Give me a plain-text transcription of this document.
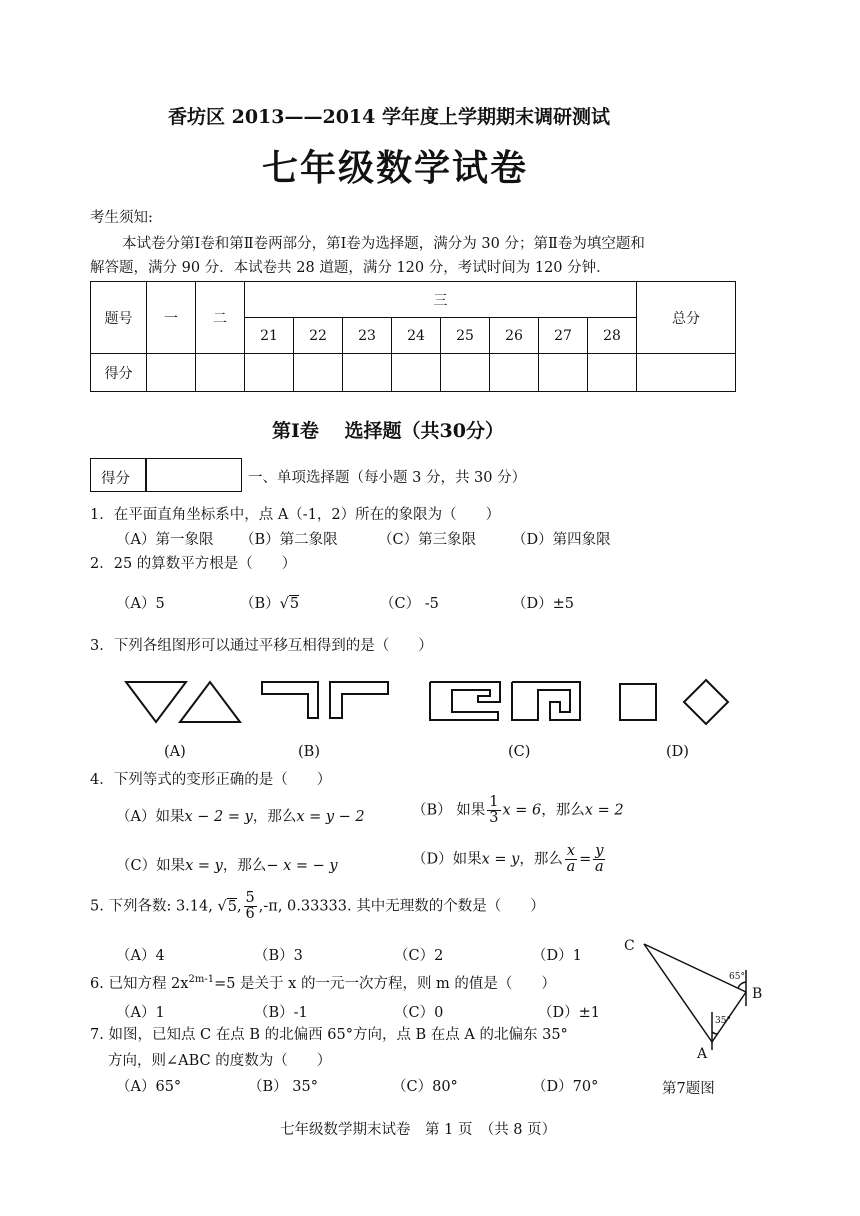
香坊区 2013——2014 学年度上学期期末调研测试
七年级数学试卷
考生须知:
本试卷分第Ⅰ卷和第Ⅱ卷两部分，第Ⅰ卷为选择题，满分为 30 分；第Ⅱ卷为填空题和
解答题，满分 90 分．本试卷共 28 道题，满分 120 分，考试时间为 120 分钟．
题号	一	二	三								总分
			21	22	23	24	25	26	27	28	
得分											
第Ⅰ卷　 选择题（共30分）
得分	一、单项选择题（每小题 3 分，共 30 分）
1．在平面直角坐标系中，点 A（-1，2）所在的象限为（　　）
（A）第一象限 （B）第二象限	（C）第三象限 （D）第四象限
2．25 的算数平方根是（　　）
（A）5	（B）√5	（C） -5	（D）±5
3．下列各组图形可以通过平移互相得到的是（　　）
(A)	(B)	(C)	(D)
4．下列等式的变形正确的是（　　）
（A）如果x − 2 = y，那么x = y − 2	（B） 如果 $\frac{1}{3}$ x = 6，那么x = 2
（C）如果x = y，那么− x = − y	（D）如果x = y，那么 $\frac{x}{a} = \frac{y}{a}$
5. 下列各数: 3.14, √5, $\frac{5}{6} ,-\pi$, 0.33333. 其中无理数的个数是（　　）
（A）4	（B）3	（C）2	（D）1
6. 已知方程 $2x^{2m-1}=5$ 是关于 x 的一元一次方程，则 m 的值是（　　）
（A）1	（B）-1	（C）0	（D）±1
7. 如图，已知点 C 在点 B 的北偏西 65°方向，点 B 在点 A 的北偏东 35°
方向，则∠ABC 的度数为（　　）
（A）65°	（B） 35°	（C）80°	（D）70°
C
B
A
65°
35°
第7题图
七年级数学期末试卷　第 1 页　（共 8 页）
